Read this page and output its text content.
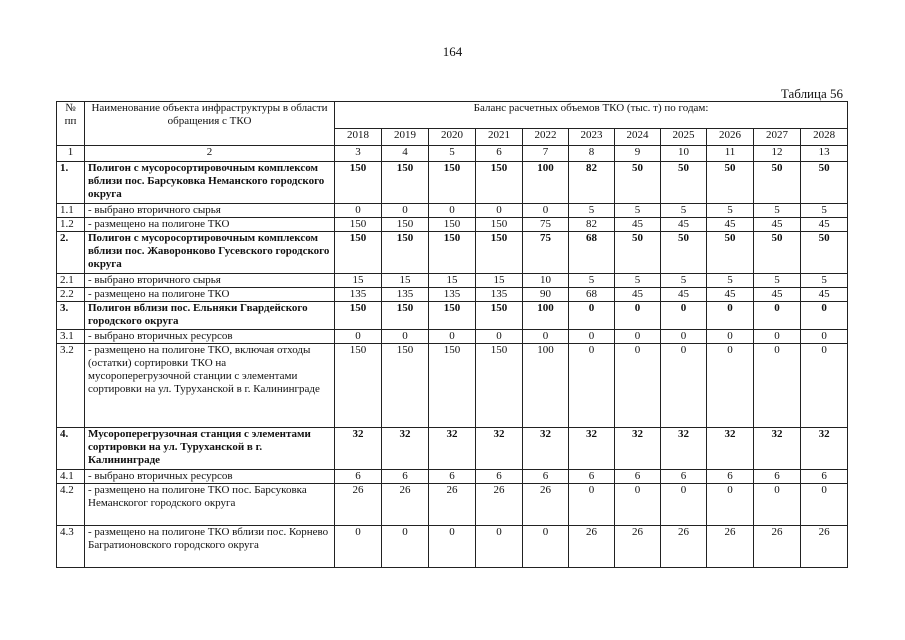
164
Таблица 56
№ пп	Наименование объекта инфраструктуры в области обращения с ТКО	Баланс расчетных объемов ТКО (тыс. т) по годам:										
		2018	2019	2020	2021	2022	2023	2024	2025	2026	2027	2028
1	2	3	4	5	6	7	8	9	10	11	12	13
1.	Полигон с мусоросортировочным комплексом вблизи пос. Барсуковка Неманского городского округа	150	150	150	150	100	82	50	50	50	50	50
1.1	- выбрано вторичного сырья	0	0	0	0	0	5	5	5	5	5	5
1.2	- размещено на полигоне ТКО	150	150	150	150	75	82	45	45	45	45	45
2.	Полигон с мусоросортировочным комплексом вблизи пос. Жаворонково Гусевского городского округа	150	150	150	150	75	68	50	50	50	50	50
2.1	- выбрано вторичного сырья	15	15	15	15	10	5	5	5	5	5	5
2.2	- размещено на полигоне ТКО	135	135	135	135	90	68	45	45	45	45	45
3.	Полигон вблизи пос. Ельняки Гвардейского городского округа	150	150	150	150	100	0	0	0	0	0	0
3.1	- выбрано вторичных ресурсов	0	0	0	0	0	0	0	0	0	0	0
3.2	- размещено на полигоне ТКО, включая отходы (остатки) сортировки ТКО на мусороперегрузочной станции с элементами сортировки на ул. Туруханской в г. Калининграде	150	150	150	150	100	0	0	0	0	0	0
4.	Мусороперегрузочная станция с элементами сортировки на ул. Туруханской в г. Калининграде	32	32	32	32	32	32	32	32	32	32	32
4.1	- выбрано вторичных ресурсов	6	6	6	6	6	6	6	6	6	6	6
4.2	- размещено на полигоне ТКО пос. Барсуковка Неманскогог городского округа	26	26	26	26	26	0	0	0	0	0	0
4.3	- размещено на полигоне ТКО вблизи пос. Корнево Багратионовского городского округа	0	0	0	0	0	26	26	26	26	26	26
